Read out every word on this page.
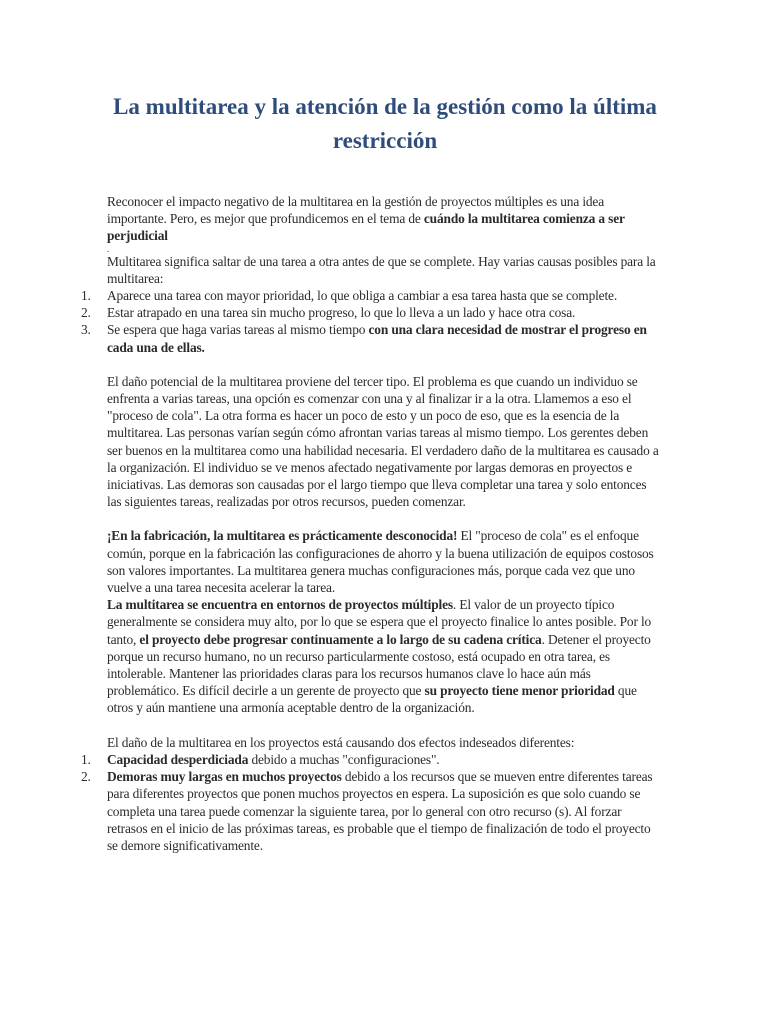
La multitarea y la atención de la gestión como la última restricción

Reconocer el impacto negativo de la multitarea en la gestión de proyectos múltiples es una idea importante. Pero, es mejor que profundicemos en el tema de cuándo la multitarea comienza a ser perjudicial

.

Multitarea significa saltar de una tarea a otra antes de que se complete. Hay varias causas posibles para la multitarea:

1. Aparece una tarea con mayor prioridad, lo que obliga a cambiar a esa tarea hasta que se complete.
2. Estar atrapado en una tarea sin mucho progreso, lo que lo lleva a un lado y hace otra cosa.
3. Se espera que haga varias tareas al mismo tiempo con una clara necesidad de mostrar el progreso en cada una de ellas.

El daño potencial de la multitarea proviene del tercer tipo. El problema es que cuando un individuo se enfrenta a varias tareas, una opción es comenzar con una y al finalizar ir a la otra. Llamemos a eso el "proceso de cola". La otra forma es hacer un poco de esto y un poco de eso, que es la esencia de la multitarea. Las personas varían según cómo afrontan varias tareas al mismo tiempo. Los gerentes deben ser buenos en la multitarea como una habilidad necesaria. El verdadero daño de la multitarea es causado a la organización. El individuo se ve menos afectado negativamente por largas demoras en proyectos e iniciativas. Las demoras son causadas por el largo tiempo que lleva completar una tarea y solo entonces las siguientes tareas, realizadas por otros recursos, pueden comenzar.

¡En la fabricación, la multitarea es prácticamente desconocida! El "proceso de cola" es el enfoque común, porque en la fabricación las configuraciones de ahorro y la buena utilización de equipos costosos son valores importantes. La multitarea genera muchas configuraciones más, porque cada vez que uno vuelve a una tarea necesita acelerar la tarea.

La multitarea se encuentra en entornos de proyectos múltiples. El valor de un proyecto típico generalmente se considera muy alto, por lo que se espera que el proyecto finalice lo antes posible. Por lo tanto, el proyecto debe progresar continuamente a lo largo de su cadena crítica. Detener el proyecto porque un recurso humano, no un recurso particularmente costoso, está ocupado en otra tarea, es intolerable. Mantener las prioridades claras para los recursos humanos clave lo hace aún más problemático. Es difícil decirle a un gerente de proyecto que su proyecto tiene menor prioridad que otros y aún mantiene una armonía aceptable dentro de la organización.

El daño de la multitarea en los proyectos está causando dos efectos indeseados diferentes:

1. Capacidad desperdiciada debido a muchas "configuraciones".
2. Demoras muy largas en muchos proyectos debido a los recursos que se mueven entre diferentes tareas para diferentes proyectos que ponen muchos proyectos en espera. La suposición es que solo cuando se completa una tarea puede comenzar la siguiente tarea, por lo general con otro recurso (s). Al forzar retrasos en el inicio de las próximas tareas, es probable que el tiempo de finalización de todo el proyecto se demore significativamente.
